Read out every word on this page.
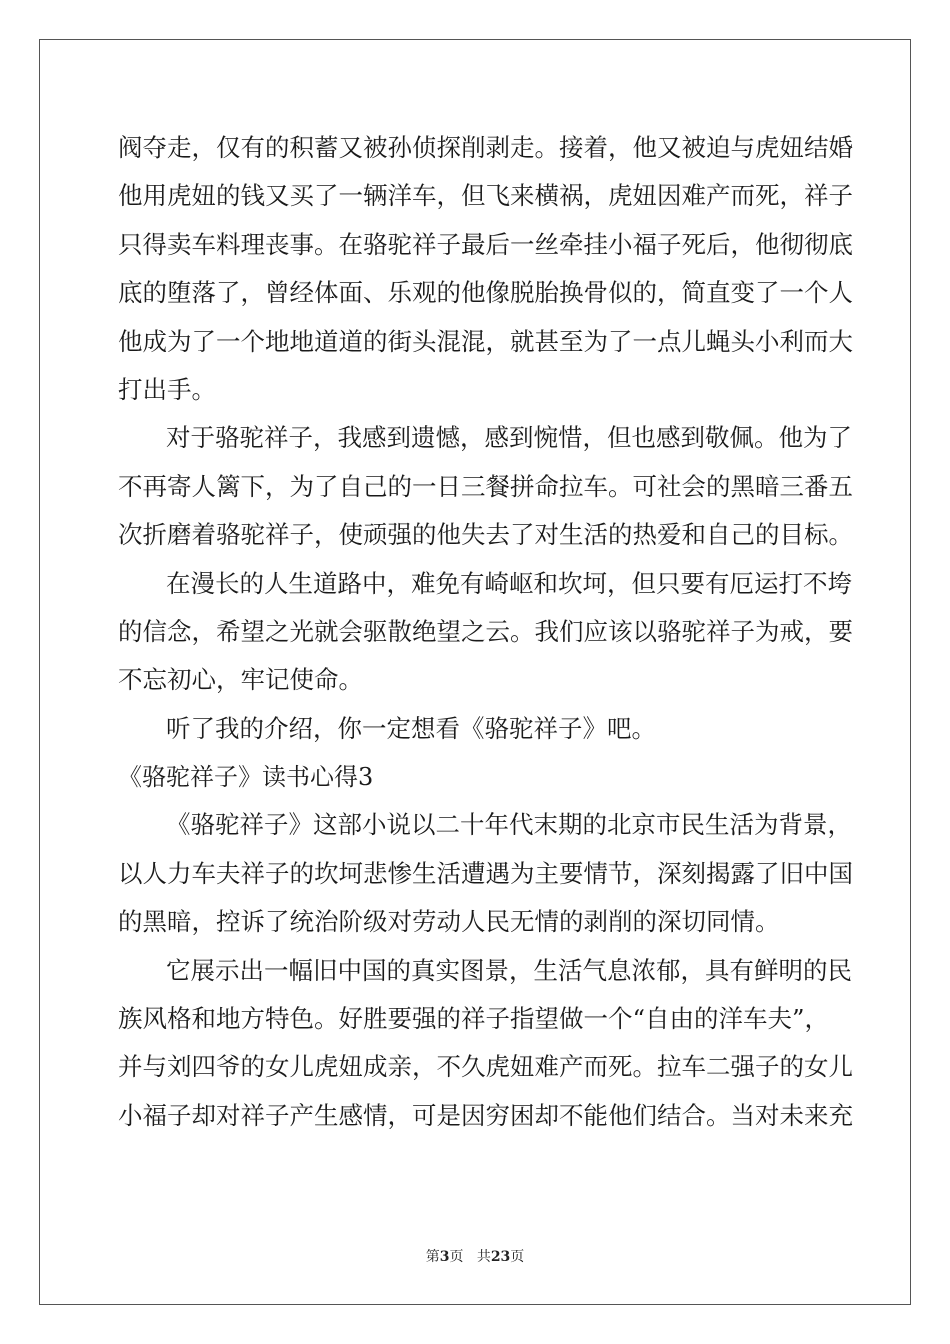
阀夺走，仅有的积蓄又被孙侦探削剥走。接着，他又被迫与虎妞结婚
他用虎妞的钱又买了一辆洋车，但飞来横祸，虎妞因难产而死，祥子
只得卖车料理丧事。在骆驼祥子最后一丝牵挂小福子死后，他彻彻底
底的堕落了，曾经体面、乐观的他像脱胎换骨似的，简直变了一个人
他成为了一个地地道道的街头混混，就甚至为了一点儿蝇头小利而大
打出手。
对于骆驼祥子，我感到遗憾，感到惋惜，但也感到敬佩。他为了
不再寄人篱下，为了自己的一日三餐拼命拉车。可社会的黑暗三番五
次折磨着骆驼祥子，使顽强的他失去了对生活的热爱和自己的目标。
在漫长的人生道路中，难免有崎岖和坎坷，但只要有厄运打不垮
的信念，希望之光就会驱散绝望之云。我们应该以骆驼祥子为戒，要
不忘初心，牢记使命。
听了我的介绍，你一定想看《骆驼祥子》吧。
《骆驼祥子》读书心得3
《骆驼祥子》这部小说以二十年代末期的北京市民生活为背景，
以人力车夫祥子的坎坷悲惨生活遭遇为主要情节，深刻揭露了旧中国
的黑暗，控诉了统治阶级对劳动人民无情的剥削的深切同情。
它展示出一幅旧中国的真实图景，生活气息浓郁，具有鲜明的民
族风格和地方特色。好胜要强的祥子指望做一个“自由的洋车夫”，
并与刘四爷的女儿虎妞成亲，不久虎妞难产而死。拉车二强子的女儿
小福子却对祥子产生感情，可是因穷困却不能他们结合。当对未来充
第3页 共23页
